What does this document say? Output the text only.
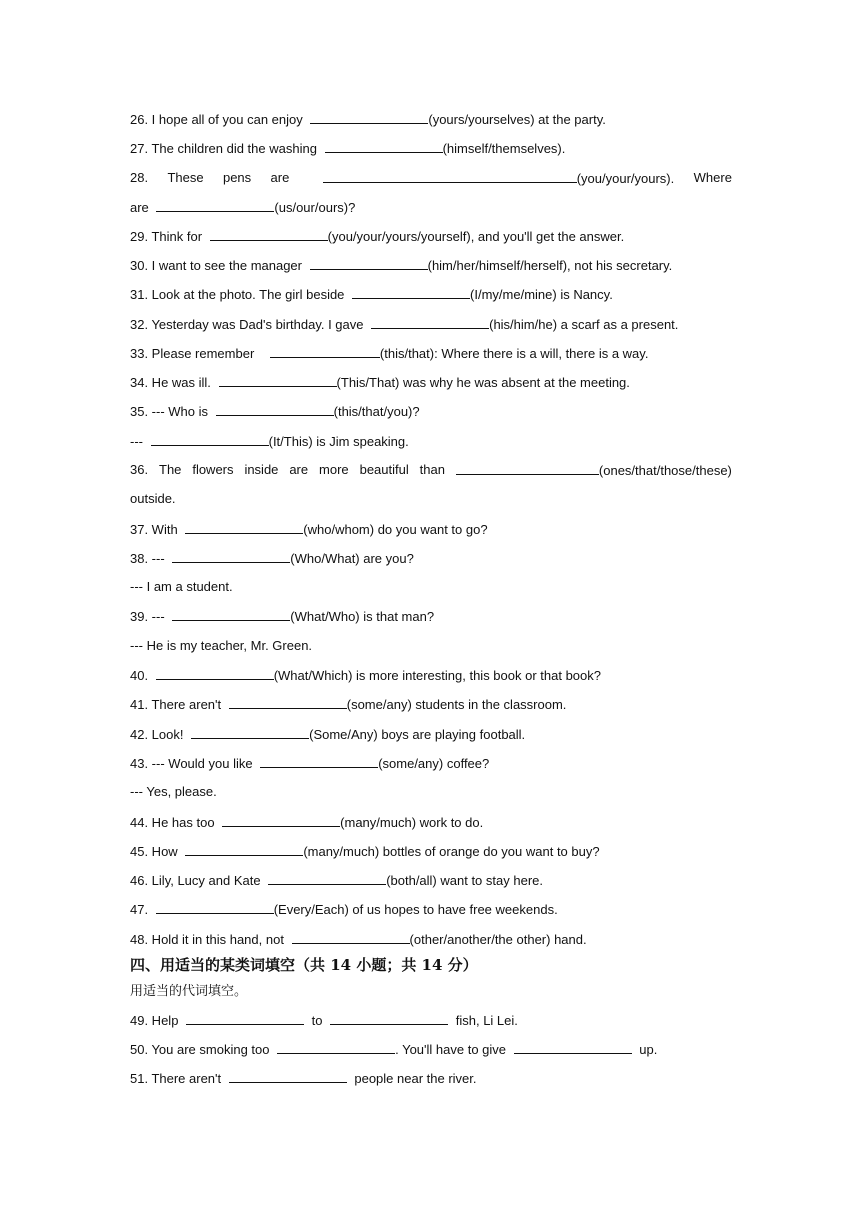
26. I hope all of you can enjoy	(yours/yourselves) at the party.
27. The children did the washing	(himself/themselves).
28. These pens are	(you/your/yours). Where
are	(us/our/ours)?
29. Think for	(you/your/yours/yourself), and you'll get the answer.
30. I want to see the manager	(him/her/himself/herself), not his secretary.
31. Look at the photo. The girl beside	(I/my/me/mine) is Nancy.
32. Yesterday was Dad's birthday. I gave	(his/him/he) a scarf as a present.
33. Please remember	(this/that): Where there is a will, there is a way.
34. He was ill.	(This/That) was why he was absent at the meeting.
35. --- Who is	(this/that/you)?
---	(It/This) is Jim speaking.
36. The flowers inside are more beautiful than	(ones/that/those/these)
outside.
37. With	(who/whom) do you want to go?
38. ---	(Who/What) are you?
--- I am a student.
39. ---	(What/Who) is that man?
--- He is my teacher, Mr. Green.
40.	(What/Which) is more interesting, this book or that book?
41. There aren't	(some/any) students in the classroom.
42. Look!	(Some/Any) boys are playing football.
43. --- Would you like	(some/any) coffee?
--- Yes, please.
44. He has too	(many/much) work to do.
45. How	(many/much) bottles of orange do you want to buy?
46. Lily, Lucy and Kate	(both/all) want to stay here.
47.	(Every/Each) of us hopes to have free weekends.
48. Hold it in this hand, not	(other/another/the other) hand.
四、用适当的某类词填空（共 14 小题；共 14 分）
用适当的代词填空。
49. Help	to	fish, Li Lei.
50. You are smoking too	. You'll have to give	up.
51. There aren't	people near the river.
